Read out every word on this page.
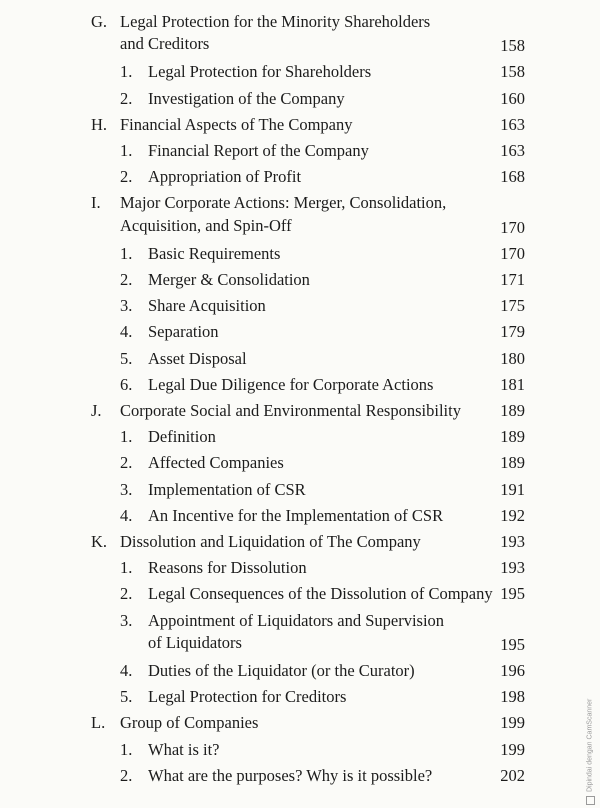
G. Legal Protection for the Minority Shareholders
and Creditors	158
1. Legal Protection for Shareholders	158
2. Investigation of the Company	160
H. Financial Aspects of The Company	163
1. Financial Report of the Company	163
2. Appropriation of Profit	168
I. Major Corporate Actions: Merger, Consolidation,
Acquisition, and Spin-Off	170
1. Basic Requirements	170
2. Merger & Consolidation	171
3. Share Acquisition	175
4. Separation	179
5. Asset Disposal	180
6. Legal Due Diligence for Corporate Actions	181
J. Corporate Social and Environmental Responsibility 189
1. Definition	189
2. Affected Companies	189
3. Implementation of CSR	191
4. An Incentive for the Implementation of CSR	192
K. Dissolution and Liquidation of The Company	193
1. Reasons for Dissolution	193
2. Legal Consequences of the Dissolution of Company 195
3. Appointment of Liquidators and Supervision
of Liquidators	195
4. Duties of the Liquidator (or the Curator)	196
5. Legal Protection for Creditors	198
L. Group of Companies	199
1. What is it?	199
2. What are the purposes? Why is it possible?	202	Dipindai dengan CamScanner
